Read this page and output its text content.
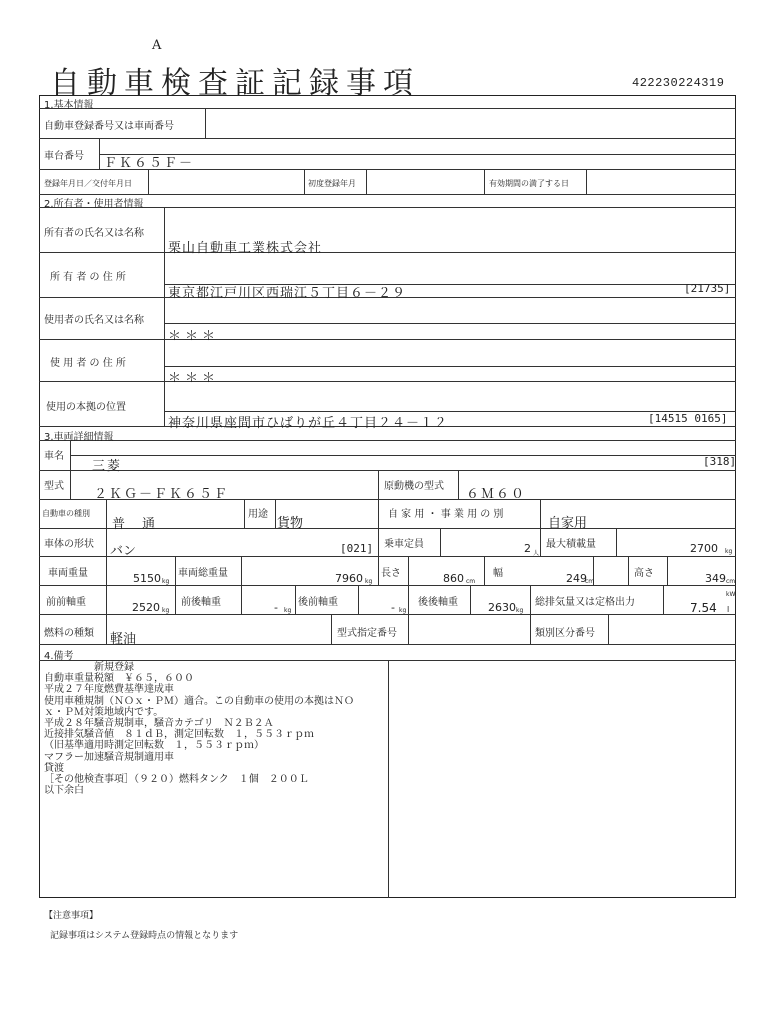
A
自動車検査証記録事項	422230224319
1.基本情報
2.所有者・使用者情報
3.車両詳細情報
4.備考
自動車登録番号又は車両番号
車台番号 ＦＫ６５Ｆ－
登録年月日／交付年月日	初度登録年月	有効期間の満了する日
所有者の氏名又は名称
栗山自動車工業株式会社
所 有 者 の 住 所
東京都江戸川区西瑞江５丁目６－２９	[21735]
使用者の氏名又は名称
＊＊＊
使 用 者 の 住 所
＊＊＊
使用の本拠の位置
神奈川県座間市ひばりが丘４丁目２４－１２	[14515 0165]
車名
三菱	[318]
型式
２ＫＧ－ＦＫ６５Ｆ
原動機の型式
６Ｍ６０
自動車の種別
普　通
用途
貨物
自 家 用 ・ 事 業 用 の 別
自家用
車体の形状 バン	[021] 乗車定員	2 人
最大積載量	2700 kg
車両重量	5150 kg
車両総重量	7960 kg
長さ	860 cm
幅	249
cm
高さ	349 cm
前前軸重	2520 kg
前後軸重	- kg
後前軸重	- kg
後後軸重	2630 kg
総排気量又は定格出力	7.54
kW
l
燃料の種類 軽油	型式指定番号	類別区分番号
　　　　　新規登録
自動車重量税額　￥６５，６００
平成２７年度燃費基準達成車
使用車種規制（ＮＯｘ・ＰＭ）適合。この自動車の使用の本拠はＮＯ
ｘ・ＰＭ対策地域内です。
平成２８年騒音規制車，騒音カテゴリ　Ｎ２Ｂ２Ａ
近接排気騒音値　８１ｄＢ，測定回転数　１，５５３ｒｐｍ
（旧基準適用時測定回転数　１，５５３ｒｐｍ）
マフラー加速騒音規制適用車
貸渡
［その他検査事項］（９２０）燃料タンク　１個　２００Ｌ
以下余白
【注意事項】
記録事項はシステム登録時点の情報となります
